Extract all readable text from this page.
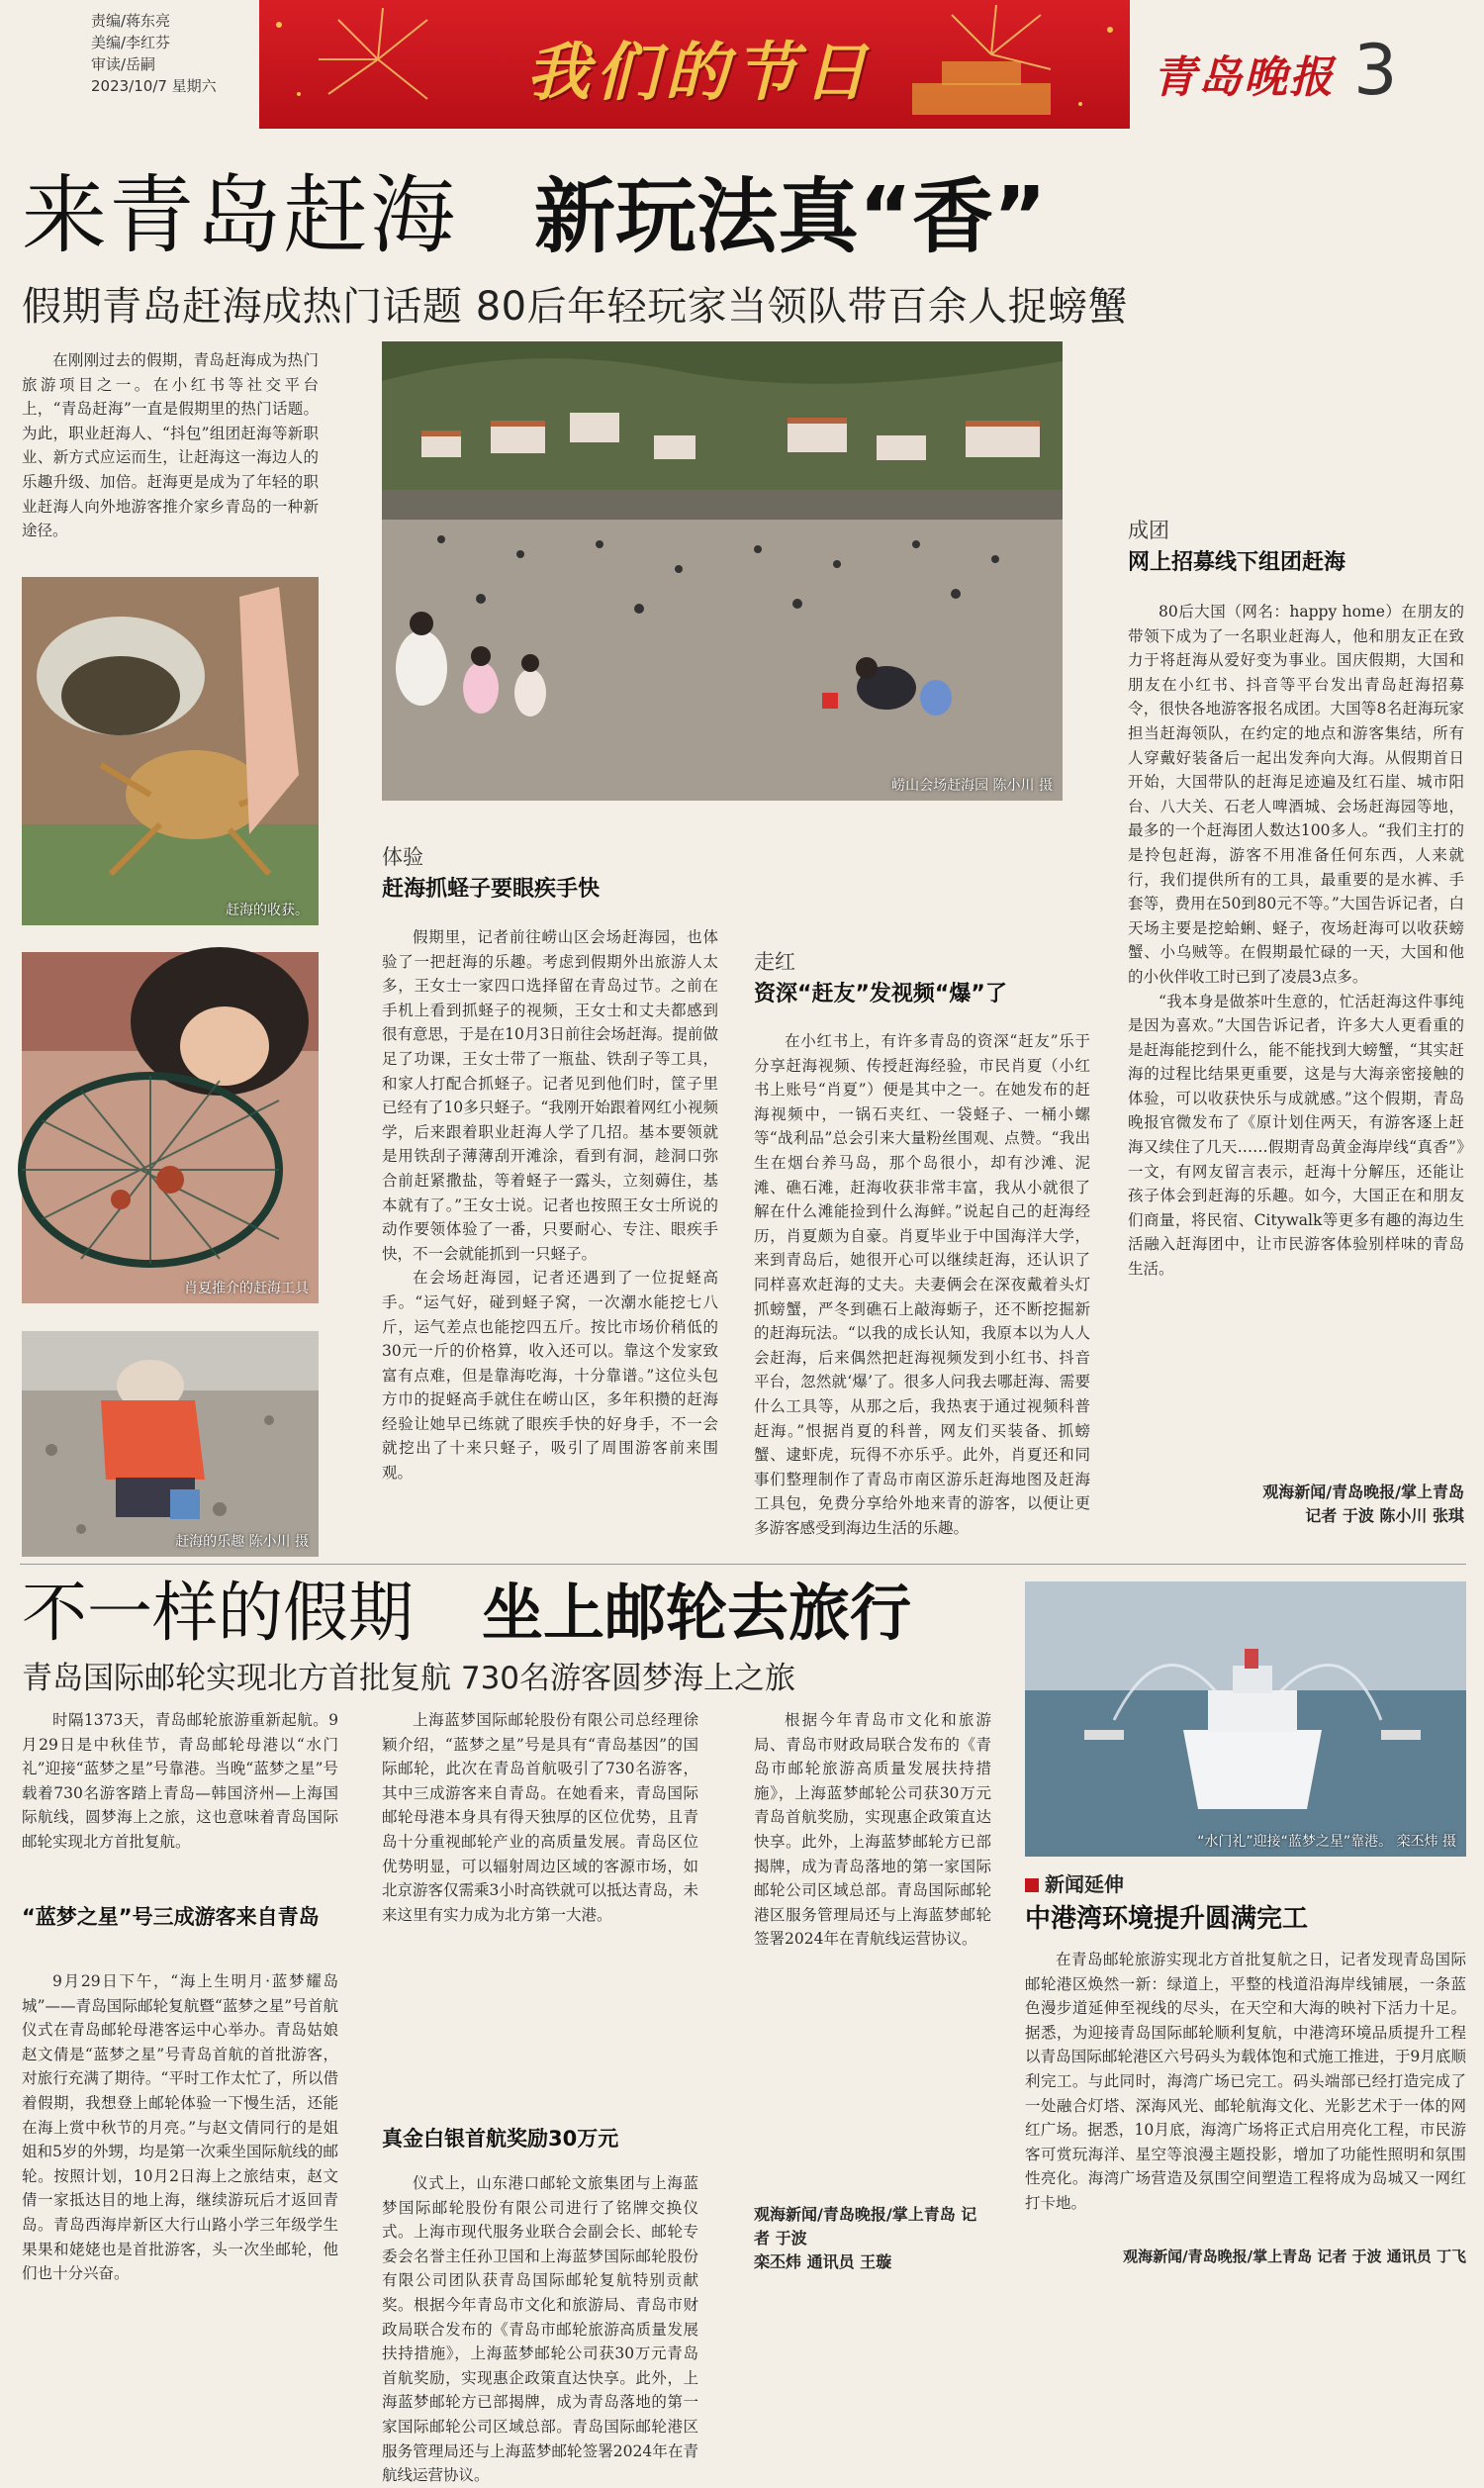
责编/蒋东亮
美编/李红芬
审读/岳嗣
2023/10/7 星期六	我们的节日	青岛晚报 3
来青岛赶海 新玩法真“香”
假期青岛赶海成热门话题 80后年轻玩家当领队带百余人捉螃蟹

在刚刚过去的假期，青岛赶海成为热门旅游项目之一。在小红书等社交平台上，“青岛赶海”一直是假期里的热门话题。为此，职业赶海人、“抖包”组团赶海等新职业、新方式应运而生，让赶海这一海边人的乐趣升级、加倍。赶海更是成为了年轻的职业赶海人向外地游客推介家乡青岛的一种新途径。

赶海的收获。
肖夏推介的赶海工具
赶海的乐趣 陈小川 摄
崂山会场赶海园 陈小川 摄
体验
赶海抓蛏子要眼疾手快

假期里，记者前往崂山区会场赶海园，也体验了一把赶海的乐趣。考虑到假期外出旅游人太多，王女士一家四口选择留在青岛过节。之前在手机上看到抓蛏子的视频，王女士和丈夫都感到很有意思，于是在10月3日前往会场赶海。提前做足了功课，王女士带了一瓶盐、铁刮子等工具，和家人打配合抓蛏子。记者见到他们时，筐子里已经有了10多只蛏子。“我刚开始跟着网红小视频学，后来跟着职业赶海人学了几招。基本要领就是用铁刮子薄薄刮开滩涂，看到有洞，趁洞口弥合前赶紧撒盐，等着蛏子一露头，立刻薅住，基本就有了。”王女士说。记者也按照王女士所说的动作要领体验了一番，只要耐心、专注、眼疾手快，不一会就能抓到一只蛏子。

在会场赶海园，记者还遇到了一位捉蛏高手。“运气好，碰到蛏子窝，一次潮水能挖七八斤，运气差点也能挖四五斤。按比市场价稍低的30元一斤的价格算，收入还可以。靠这个发家致富有点难，但是靠海吃海，十分靠谱。”这位头包方巾的捉蛏高手就住在崂山区，多年积攒的赶海经验让她早已练就了眼疾手快的好身手，不一会就挖出了十来只蛏子，吸引了周围游客前来围观。

走红
资深“赶友”发视频“爆”了

在小红书上，有许多青岛的资深“赶友”乐于分享赶海视频、传授赶海经验，市民肖夏（小红书上账号“肖夏”）便是其中之一。在她发布的赶海视频中，一锅石夹红、一袋蛏子、一桶小螺等“战利品”总会引来大量粉丝围观、点赞。“我出生在烟台养马岛，那个岛很小，却有沙滩、泥滩、礁石滩，赶海收获非常丰富，我从小就很了解在什么滩能捡到什么海鲜。”说起自己的赶海经历，肖夏颇为自豪。肖夏毕业于中国海洋大学，来到青岛后，她很开心可以继续赶海，还认识了同样喜欢赶海的丈夫。夫妻俩会在深夜戴着头灯抓螃蟹，严冬到礁石上敲海蛎子，还不断挖掘新的赶海玩法。“以我的成长认知，我原本以为人人会赶海，后来偶然把赶海视频发到小红书、抖音平台，忽然就‘爆’了。很多人问我去哪赶海、需要什么工具等，从那之后，我热衷于通过视频科普赶海。”恨据肖夏的科普，网友们买装备、抓螃蟹、逮虾虎，玩得不亦乐乎。此外，肖夏还和同事们整理制作了青岛市南区游乐赶海地图及赶海工具包，免费分享给外地来青的游客，以便让更多游客感受到海边生活的乐趣。

成团
网上招募线下组团赶海

80后大国（网名：happy home）在朋友的带领下成为了一名职业赶海人，他和朋友正在致力于将赶海从爱好变为事业。国庆假期，大国和朋友在小红书、抖音等平台发出青岛赶海招募令，很快各地游客报名成团。大国等8名赶海玩家担当赶海领队，在约定的地点和游客集结，所有人穿戴好装备后一起出发奔向大海。从假期首日开始，大国带队的赶海足迹遍及红石崖、城市阳台、八大关、石老人啤酒城、会场赶海园等地，最多的一个赶海团人数达100多人。“我们主打的是拎包赶海，游客不用准备任何东西，人来就行，我们提供所有的工具，最重要的是水裤、手套等，费用在50到80元不等。”大国告诉记者，白天场主要是挖蛤蜊、蛏子，夜场赶海可以收获螃蟹、小乌贼等。在假期最忙碌的一天，大国和他的小伙伴收工时已到了凌晨3点多。

“我本身是做茶叶生意的，忙活赶海这件事纯是因为喜欢。”大国告诉记者，许多大人更看重的是赶海能挖到什么，能不能找到大螃蟹，“其实赶海的过程比结果更重要，这是与大海亲密接触的体验，可以收获快乐与成就感。”这个假期，青岛晚报官微发布了《原计划住两天，有游客逐上赶海又续住了几天……假期青岛黄金海岸线“真香”》一文，有网友留言表示，赶海十分解压，还能让孩子体会到赶海的乐趣。如今，大国正在和朋友们商量，将民宿、Citywalk等更多有趣的海边生活融入赶海团中，让市民游客体验别样味的青岛生活。

观海新闻/青岛晚报/掌上青岛
记者 于波 陈小川 张琪
不一样的假期 坐上邮轮去旅行
青岛国际邮轮实现北方首批复航 730名游客圆梦海上之旅

时隔1373天，青岛邮轮旅游重新起航。9月29日是中秋佳节，青岛邮轮母港以“水门礼”迎接“蓝梦之星”号靠港。当晚“蓝梦之星”号载着730名游客踏上青岛—韩国济州—上海国际航线，圆梦海上之旅，这也意味着青岛国际邮轮实现北方首批复航。

“蓝梦之星”号三成游客来自青岛

9月29日下午，“海上生明月·蓝梦耀岛城”——青岛国际邮轮复航暨“蓝梦之星”号首航仪式在青岛邮轮母港客运中心举办。青岛姑娘赵文倩是“蓝梦之星”号青岛首航的首批游客，对旅行充满了期待。“平时工作太忙了，所以借着假期，我想登上邮轮体验一下慢生活，还能在海上赏中秋节的月亮。”与赵文倩同行的是姐姐和5岁的外甥，均是第一次乘坐国际航线的邮轮。按照计划，10月2日海上之旅结束，赵文倩一家抵达目的地上海，继续游玩后才返回青岛。青岛西海岸新区大行山路小学三年级学生果果和姥姥也是首批游客，头一次坐邮轮，他们也十分兴奋。

上海蓝梦国际邮轮股份有限公司总经理徐颖介绍，“蓝梦之星”号是具有“青岛基因”的国际邮轮，此次在青岛首航吸引了730名游客，其中三成游客来自青岛。在她看来，青岛国际邮轮母港本身具有得天独厚的区位优势，且青岛十分重视邮轮产业的高质量发展。青岛区位优势明显，可以辐射周边区域的客源市场，如北京游客仅需乘3小时高铁就可以抵达青岛，未来这里有实力成为北方第一大港。

真金白银首航奖励30万元

仪式上，山东港口邮轮文旅集团与上海蓝梦国际邮轮股份有限公司进行了铭牌交换仪式。上海市现代服务业联合会副会长、邮轮专委会名誉主任孙卫国和上海蓝梦国际邮轮股份有限公司团队获青岛国际邮轮复航特别贡献奖。根据今年青岛市文化和旅游局、青岛市财政局联合发布的《青岛市邮轮旅游高质量发展扶持措施》，上海蓝梦邮轮公司获30万元青岛首航奖励，实现惠企政策直达快享。此外，上海蓝梦邮轮方已部揭牌，成为青岛落地的第一家国际邮轮公司区域总部。青岛国际邮轮港区服务管理局还与上海蓝梦邮轮签署2024年在青航线运营协议。

根据今年青岛市文化和旅游局、青岛市财政局联合发布的《青岛市邮轮旅游高质量发展扶持措施》，上海蓝梦邮轮公司获30万元青岛首航奖励，实现惠企政策直达快享。此外，上海蓝梦邮轮方已部揭牌，成为青岛落地的第一家国际邮轮公司区域总部。青岛国际邮轮港区服务管理局还与上海蓝梦邮轮签署2024年在青航线运营协议。

观海新闻/青岛晚报/掌上青岛 记者 于波
栾丕炜 通讯员 王璇
“水门礼”迎接“蓝梦之星”靠港。 栾丕炜 摄
新闻延伸
中港湾环境提升圆满完工

在青岛邮轮旅游实现北方首批复航之日，记者发现青岛国际邮轮港区焕然一新：绿道上，平整的栈道沿海岸线铺展，一条蓝色漫步道延伸至视线的尽头，在天空和大海的映衬下活力十足。据悉，为迎接青岛国际邮轮顺利复航，中港湾环境品质提升工程以青岛国际邮轮港区六号码头为载体饱和式施工推进，于9月底顺利完工。与此同时，海湾广场已完工。码头端部已经打造完成了一处融合灯塔、深海风光、邮轮航海文化、光影艺术于一体的网红广场。据悉，10月底，海湾广场将正式启用亮化工程，市民游客可赏玩海洋、星空等浪漫主题投影，增加了功能性照明和氛围性亮化。海湾广场营造及氛围空间塑造工程将成为岛城又一网红打卡地。

观海新闻/青岛晚报/掌上青岛 记者 于波 通讯员 丁飞
